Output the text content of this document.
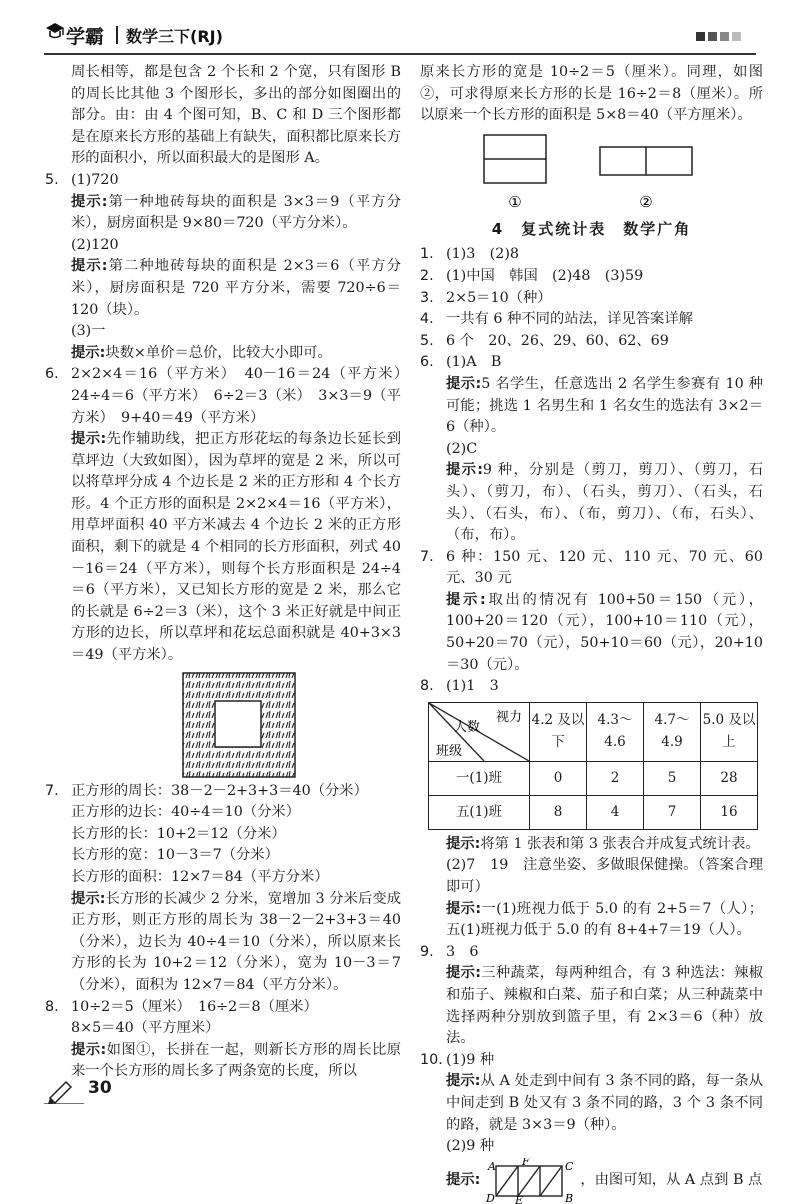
学霸 数学三下(RJ)

周长相等，都是包含 2 个长和 2 个宽，只有图形 B 的周长比其他 3 个图形长，多出的部分如图圈出的部分。由：由 4 个图可知，B、C 和 D 三个图形都是在原来长方形的基础上有缺失，面积都比原来长方形的面积小，所以面积最大的是图形 A。

5. (1)720

提示:第一种地砖每块的面积是 3×3＝9（平方分米），厨房面积是 9×80＝720（平方分米）。

(2)120

提示:第二种地砖每块的面积是 2×3＝6（平方分米），厨房面积是 720 平方分米，需要 720÷6＝120（块）。

(3)一

提示:块数×单价＝总价，比较大小即可。

6. 2×2×4＝16（平方米）　40－16＝24（平方米）　24÷4＝6（平方米）　6÷2＝3（米）　3×3＝9（平方米）　9+40＝49（平方米）

提示:先作辅助线，把正方形花坛的每条边长延长到草坪边（大致如图），因为草坪的宽是 2 米，所以可以将草坪分成 4 个边长是 2 米的正方形和 4 个长方形。4 个正方形的面积是 2×2×4＝16（平方米），用草坪面积 40 平方米减去 4 个边长 2 米的正方形面积，剩下的就是 4 个相同的长方形面积，列式 40－16＝24（平方米），则每个长方形面积是 24÷4＝6（平方米），又已知长方形的宽是 2 米，那么它的长就是 6÷2＝3（米），这个 3 米正好就是中间正方形的边长，所以草坪和花坛总面积就是 40+3×3＝49（平方米）。

7. 正方形的周长：38－2－2+3+3＝40（分米）

正方形的边长：40÷4＝10（分米）

长方形的长：10+2＝12（分米）

长方形的宽：10－3＝7（分米）

长方形的面积：12×7＝84（平方分米）

提示:长方形的长减少 2 分米，宽增加 3 分米后变成正方形，则正方形的周长为 38－2－2+3+3＝40（分米），边长为 40÷4＝10（分米），所以原来长方形的长为 10+2＝12（分米），宽为 10－3＝7（分米），面积为 12×7＝84（平方分米）。

8. 10÷2＝5（厘米）　16÷2＝8（厘米）

8×5＝40（平方厘米）

提示:如图①，长拼在一起，则新长方形的周长比原来一个长方形的周长多了两条宽的长度，所以

原来长方形的宽是 10÷2＝5（厘米）。同理，如图②，可求得原来长方形的长是 16÷2＝8（厘米）。所以原来一个长方形的面积是 5×8＝40（平方厘米）。

①	②
4　复式统计表　数学广角
1. (1)3　(2)8
2. (1)中国　韩国　(2)48　(3)59
3. 2×5＝10（种）
4. 一共有 6 种不同的站法，详见答案详解
5. 6 个　20、26、29、60、62、69
6. (1)A　B

提示:5 名学生，任意选出 2 名学生参赛有 10 种可能；挑选 1 名男生和 1 名女生的选法有 3×2＝6（种）。

(2)C

提示:9 种，分别是（剪刀，剪刀）、（剪刀，石头）、（剪刀，布）、（石头，剪刀）、（石头，石头）、（石头，布）、（布，剪刀）、（布，石头）、（布，布）。

7. 6 种：150 元、120 元、110 元、70 元、60 元、30 元

提示:取出的情况有 100+50＝150（元），100+20＝120（元），100+10＝110（元），50+20＝70（元），50+10＝60（元），20+10＝30（元）。

8. (1)1　3
视力
人数
班级	4.2 及以下	4.3～4.6	4.7～4.9	5.0 及以上
一(1)班	0	2	5	28
五(1)班	8	4	7	16

提示:将第 1 张表和第 3 张表合并成复式统计表。

(2)7　19　注意坐姿、多做眼保健操。（答案合理即可）

提示:一(1)班视力低于 5.0 的有 2+5＝7（人）；五(1)班视力低于 5.0 的有 8+4+7＝19（人）。

9. 3　6

提示:三种蔬菜，每两种组合，有 3 种选法：辣椒和茄子、辣椒和白菜、茄子和白菜；从三种蔬菜中选择两种分别放到篮子里，有 2×3＝6（种）放法。

10. (1)9 种

提示:从 A 处走到中间有 3 条不同的路，每一条从中间走到 B 处又有 3 条不同的路，3 个 3 条不同的路，就是 3×3＝9（种）。

(2)9 种

提示:
A
D
F
E
C
B
，由图可知，从 A 点到 B 点
30
